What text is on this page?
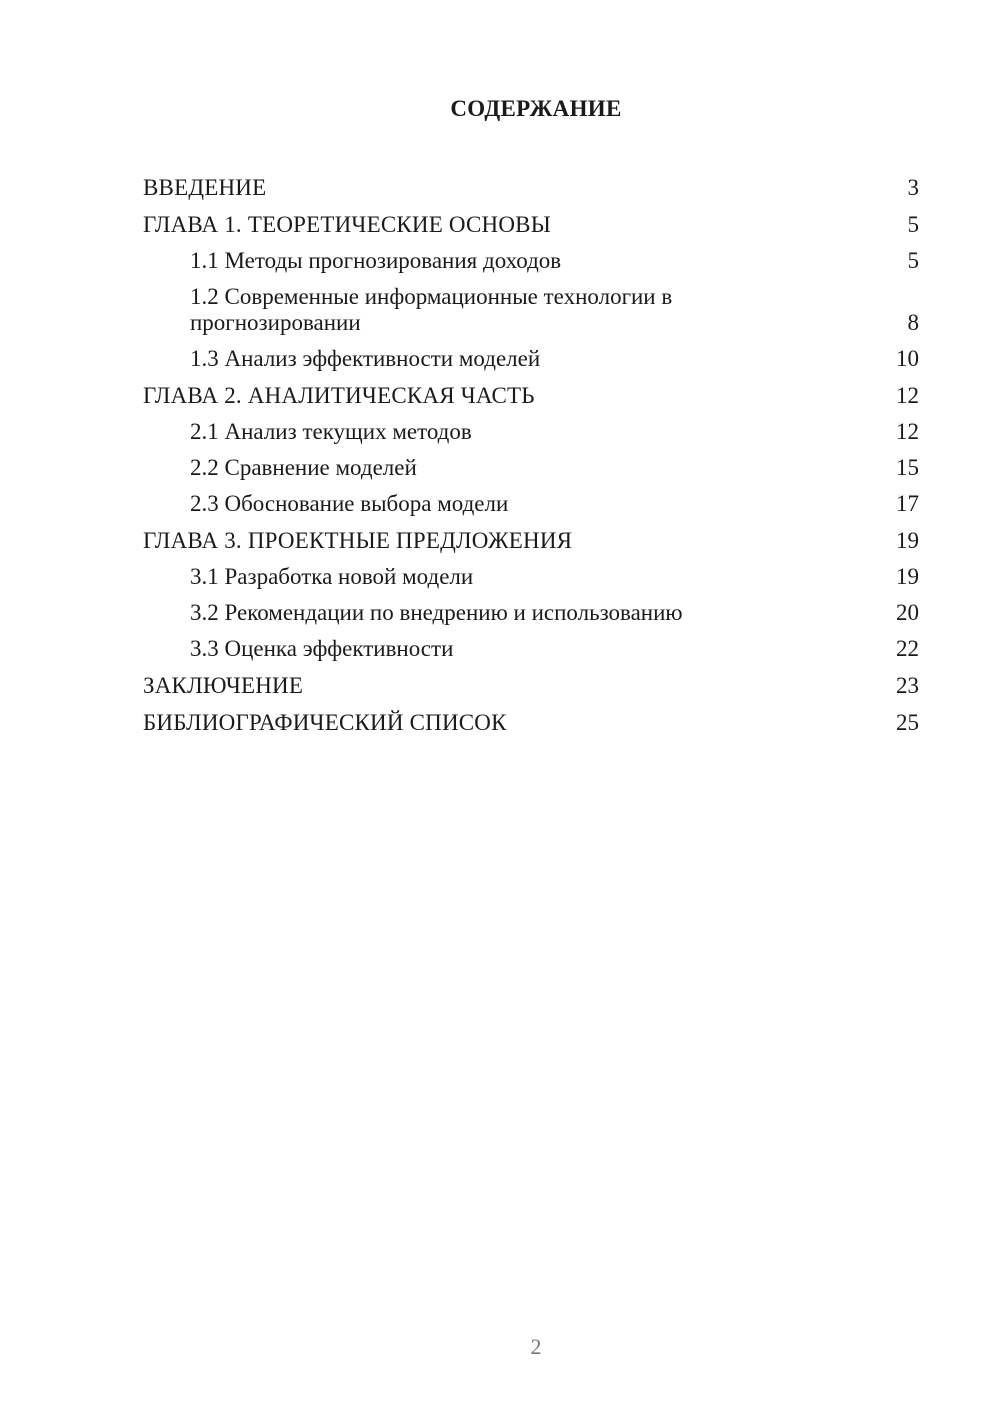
СОДЕРЖАНИЕ
ВВЕДЕНИЕ	3
ГЛАВА 1. ТЕОРЕТИЧЕСКИЕ ОСНОВЫ	5
1.1 Методы прогнозирования доходов	5
1.2 Современные информационные технологии в
прогнозировании	8
1.3 Анализ эффективности моделей	10
ГЛАВА 2. АНАЛИТИЧЕСКАЯ ЧАСТЬ	12
2.1 Анализ текущих методов	12
2.2 Сравнение моделей	15
2.3 Обоснование выбора модели	17
ГЛАВА 3. ПРОЕКТНЫЕ ПРЕДЛОЖЕНИЯ	19
3.1 Разработка новой модели	19
3.2 Рекомендации по внедрению и использованию	20
3.3 Оценка эффективности	22
ЗАКЛЮЧЕНИЕ	23
БИБЛИОГРАФИЧЕСКИЙ СПИСОК	25
2
